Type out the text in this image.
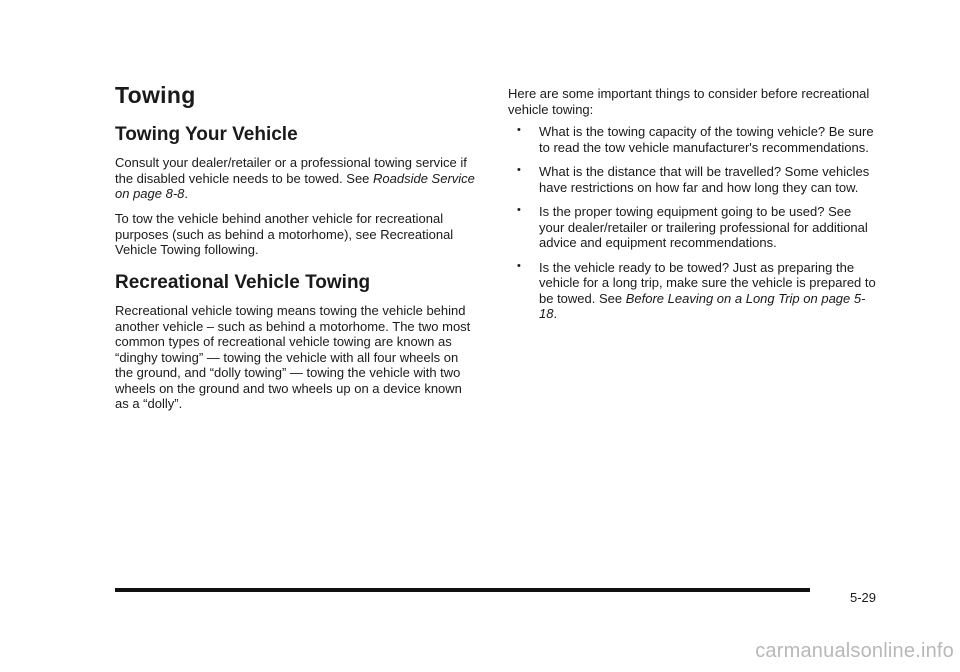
Towing
Towing Your Vehicle

Consult your dealer/retailer or a professional towing service if the disabled vehicle needs to be towed. See Roadside Service on page 8-8.

To tow the vehicle behind another vehicle for recreational purposes (such as behind a motorhome), see Recreational Vehicle Towing following.

Recreational Vehicle Towing

Recreational vehicle towing means towing the vehicle behind another vehicle – such as behind a motorhome. The two most common types of recreational vehicle towing are known as “dinghy towing” — towing the vehicle with all four wheels on the ground, and “dolly towing” — towing the vehicle with two wheels on the ground and two wheels up on a device known as a “dolly”.

Here are some important things to consider before recreational vehicle towing:

• What is the towing capacity of the towing vehicle? Be sure to read the tow vehicle manufacturer's recommendations.
• What is the distance that will be travelled? Some vehicles have restrictions on how far and how long they can tow.
• Is the proper towing equipment going to be used? See your dealer/retailer or trailering professional for additional advice and equipment recommendations.
• Is the vehicle ready to be towed? Just as preparing the vehicle for a long trip, make sure the vehicle is prepared to be towed. See Before Leaving on a Long Trip on page 5-18.

5-29

carmanualsonline.info
